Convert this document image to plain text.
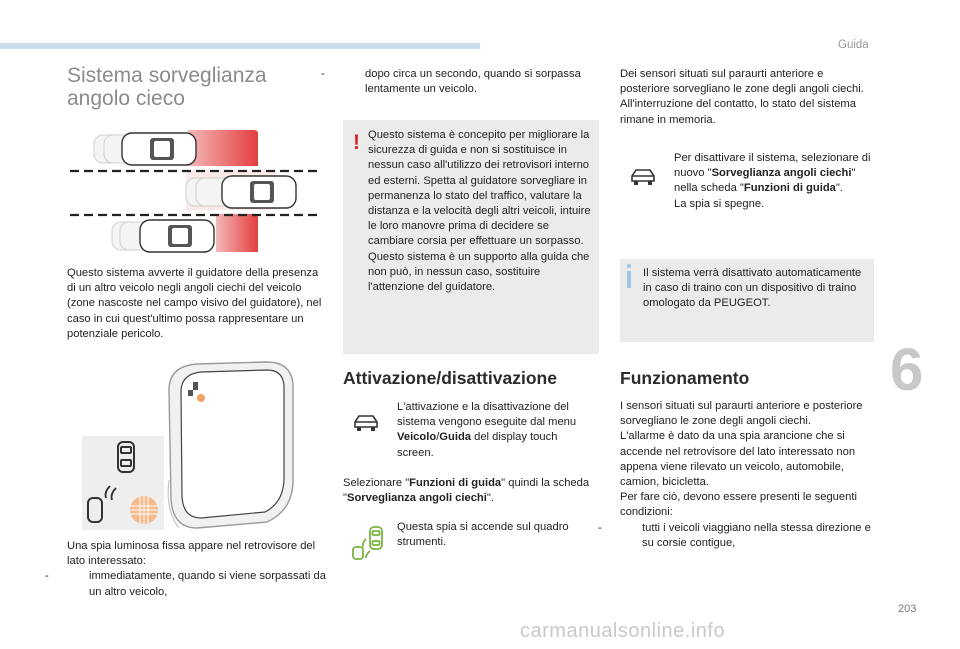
Guida
Sistema sorveglianza
angolo cieco
Questo sistema avverte il guidatore della presenza di un altro veicolo negli angoli ciechi del veicolo (zone nascoste nel campo visivo del guidatore), nel caso in cui quest'ultimo possa rappresentare un potenziale pericolo.

Una spia luminosa fissa appare nel retrovisore del lato interessato:

-	immediatamente, quando si viene sorpassati da un altro veicolo,

-	dopo circa un secondo, quando si sorpassa lentamente un veicolo.

! Questo sistema è concepito per migliorare la sicurezza di guida e non si sostituisce in nessun caso all'utilizzo dei retrovisori interno ed esterni. Spetta al guidatore sorvegliare in permanenza lo stato del traffico, valutare la distanza e la velocità degli altri veicoli, intuire le loro manovre prima di decidere se cambiare corsia per effettuare un sorpasso.

Questo sistema è un supporto alla guida che non può, in nessun caso, sostituire l'attenzione del guidatore.

Attivazione/disattivazione
L'attivazione e la disattivazione del sistema vengono eseguite dal menu Veicolo/Guida del display touch screen.
Selezionare "Funzioni di guida" quindi la scheda "Sorveglianza angoli ciechi".
Questa spia si accende sul quadro strumenti.

Dei sensori situati sul paraurti anteriore e posteriore sorvegliano le zone degli angoli ciechi.

All'interruzione del contatto, lo stato del sistema rimane in memoria.

Per disattivare il sistema, selezionare di nuovo "Sorveglianza angoli ciechi" nella scheda "Funzioni di guida".

La spia si spegne.

Il sistema verrà disattivato automaticamente in caso di traino con un dispositivo di traino omologato da PEUGEOT.
Funzionamento

I sensori situati sul paraurti anteriore e posteriore sorvegliano le zone degli angoli ciechi.

L'allarme è dato da una spia arancione che si accende nel retrovisore del lato interessato non appena viene rilevato un veicolo, automobile, camion, bicicletta.

Per fare ciò, devono essere presenti le seguenti condizioni:

-	tutti i veicoli viaggiano nella stessa direzione e su corsie contigue,

6
203
carmanualsonline.info
